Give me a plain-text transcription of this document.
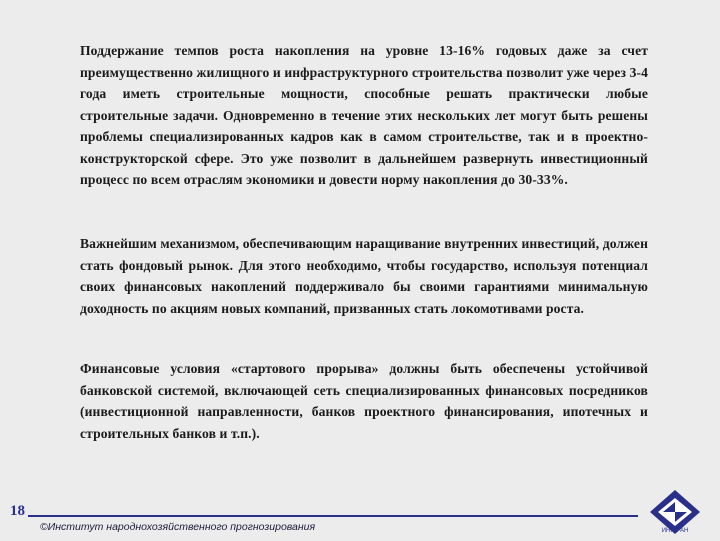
Поддержание темпов роста накопления на уровне 13-16% годовых даже за счет преимущественно жилищного и инфраструктурного строительства позволит уже через 3-4 года иметь строительные мощности, способные решать практически любые строительные задачи. Одновременно в течение этих нескольких лет могут быть решены проблемы специализированных кадров как в самом строительстве, так и в проектно-конструкторской сфере. Это уже позволит в дальнейшем развернуть инвестиционный процесс по всем отраслям экономики и довести норму накопления до 30-33%.
Важнейшим механизмом, обеспечивающим наращивание внутренних инвестиций, должен стать фондовый рынок. Для этого необходимо, чтобы государство, используя потенциал своих финансовых накоплений поддерживало бы своими гарантиями минимальную доходность по акциям новых компаний, призванных стать локомотивами роста.
Финансовые условия «стартового прорыва» должны быть обеспечены устойчивой банковской системой, включающей сеть специализированных финансовых посредников (инвестиционной направленности, банков проектного финансирования, ипотечных и строительных банков и т.п.).
18
©Институт народнохозяйственного прогнозирования	ИНП РАН
